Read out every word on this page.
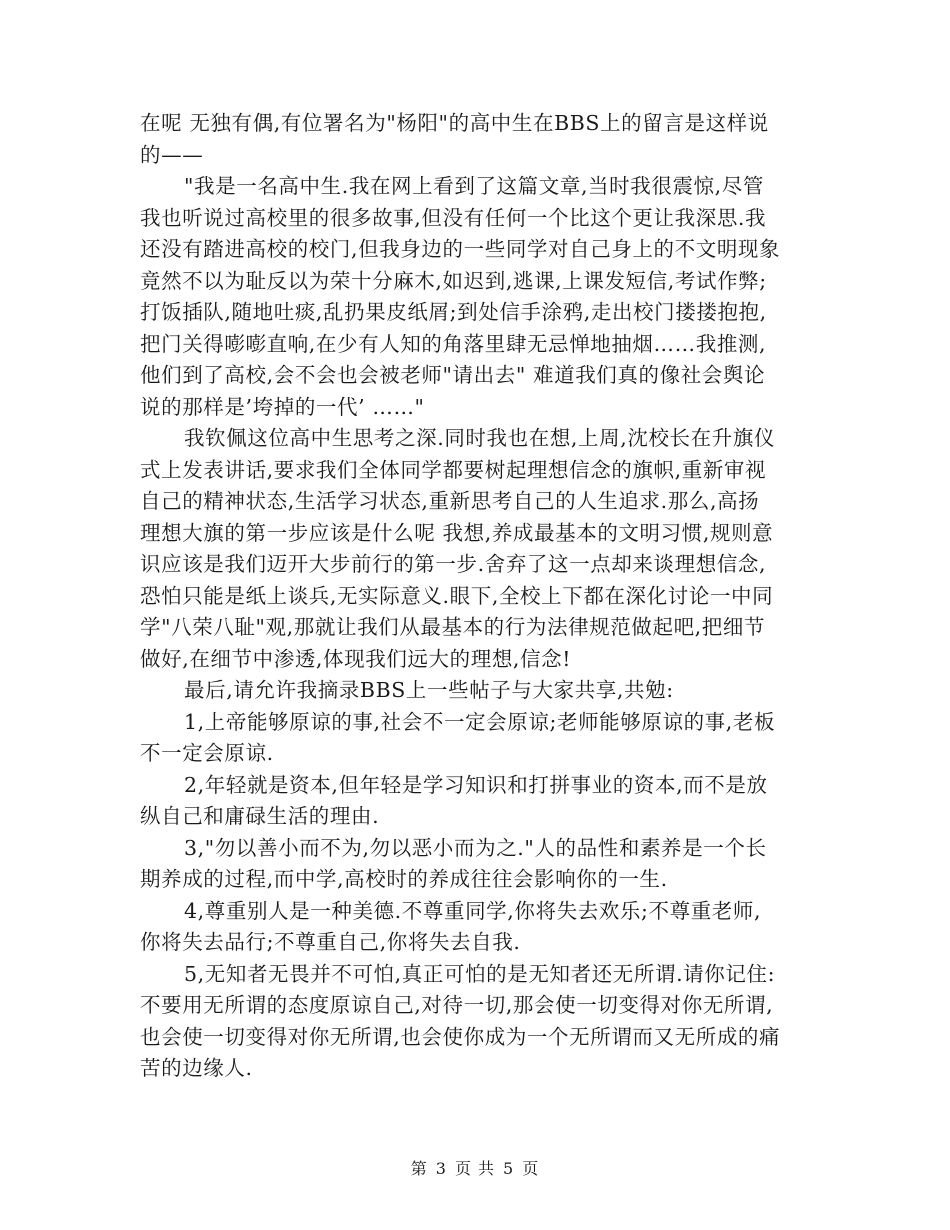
在呢 无独有偶,有位署名为"杨阳"的高中生在BBS上的留言是这样说
的——
"我是一名高中生.我在网上看到了这篇文章,当时我很震惊,尽管
我也听说过高校里的很多故事,但没有任何一个比这个更让我深思.我
还没有踏进高校的校门,但我身边的一些同学对自己身上的不文明现象
竟然不以为耻反以为荣十分麻木,如迟到,逃课,上课发短信,考试作弊;
打饭插队,随地吐痰,乱扔果皮纸屑;到处信手涂鸦,走出校门搂搂抱抱,
把门关得嘭嘭直响,在少有人知的角落里肆无忌惮地抽烟……我推测,
他们到了高校,会不会也会被老师"请出去" 难道我们真的像社会舆论
说的那样是’垮掉的一代’ ……"
我钦佩这位高中生思考之深.同时我也在想,上周,沈校长在升旗仪
式上发表讲话,要求我们全体同学都要树起理想信念的旗帜,重新审视
自己的精神状态,生活学习状态,重新思考自己的人生追求.那么,高扬
理想大旗的第一步应该是什么呢 我想,养成最基本的文明习惯,规则意
识应该是我们迈开大步前行的第一步.舍弃了这一点却来谈理想信念,
恐怕只能是纸上谈兵,无实际意义.眼下,全校上下都在深化讨论一中同
学"八荣八耻"观,那就让我们从最基本的行为法律规范做起吧,把细节
做好,在细节中渗透,体现我们远大的理想,信念!
最后,请允许我摘录BBS上一些帖子与大家共享,共勉:
1,上帝能够原谅的事,社会不一定会原谅;老师能够原谅的事,老板
不一定会原谅.
2,年轻就是资本,但年轻是学习知识和打拼事业的资本,而不是放
纵自己和庸碌生活的理由.
3,"勿以善小而不为,勿以恶小而为之."人的品性和素养是一个长
期养成的过程,而中学,高校时的养成往往会影响你的一生.
4,尊重别人是一种美德.不尊重同学,你将失去欢乐;不尊重老师,
你将失去品行;不尊重自己,你将失去自我.
5,无知者无畏并不可怕,真正可怕的是无知者还无所谓.请你记住:
不要用无所谓的态度原谅自己,对待一切,那会使一切变得对你无所谓,
也会使一切变得对你无所谓,也会使你成为一个无所谓而又无所成的痛
苦的边缘人.
第 3 页 共 5 页
